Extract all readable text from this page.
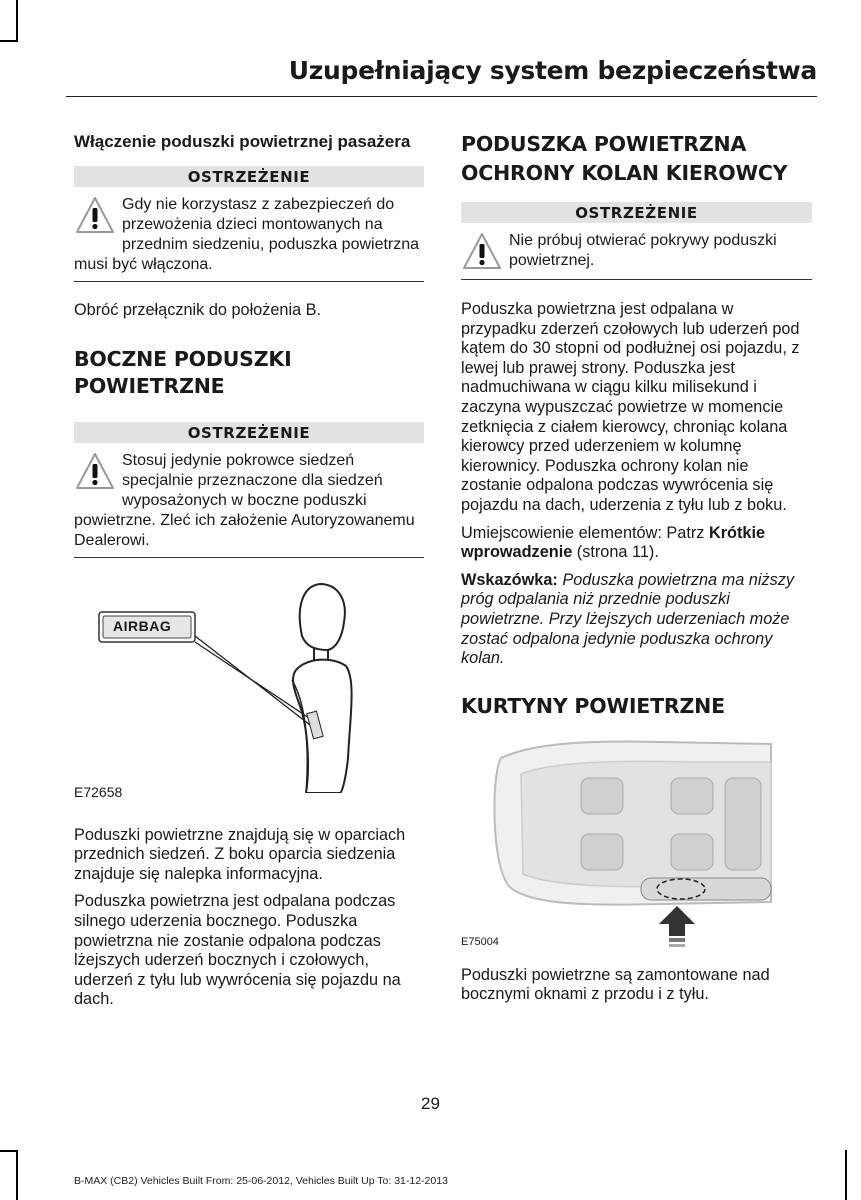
Uzupełniający system bezpieczeństwa
Włączenie poduszki powietrznej pasażera
OSTRZEŻENIE
Gdy nie korzystasz z zabezpieczeń do przewożenia dzieci montowanych na przednim siedzeniu, poduszka powietrzna musi być włączona.

Obróć przełącznik do położenia B.

BOCZNE PODUSZKI POWIETRZNE
OSTRZEŻENIE
Stosuj jedynie pokrowce siedzeń specjalnie przeznaczone dla siedzeń wyposażonych w boczne poduszki powietrzne. Zleć ich założenie Autoryzowanemu Dealerowi.
AIRBAG
E72658

Poduszki powietrzne znajdują się w oparciach przednich siedzeń. Z boku oparcia siedzenia znajduje się nalepka informacyjna.

Poduszka powietrzna jest odpalana podczas silnego uderzenia bocznego. Poduszka powietrzna nie zostanie odpalona podczas lżejszych uderzeń bocznych i czołowych, uderzeń z tyłu lub wywrócenia się pojazdu na dach.

PODUSZKA POWIETRZNA OCHRONY KOLAN KIEROWCY
OSTRZEŻENIE
Nie próbuj otwierać pokrywy poduszki powietrznej.

Poduszka powietrzna jest odpalana w przypadku zderzeń czołowych lub uderzeń pod kątem do 30 stopni od podłużnej osi pojazdu, z lewej lub prawej strony. Poduszka jest nadmuchiwana w ciągu kilku milisekund i zaczyna wypuszczać powietrze w momencie zetknięcia z ciałem kierowcy, chroniąc kolana kierowcy przed uderzeniem w kolumnę kierownicy. Poduszka ochrony kolan nie zostanie odpalona podczas wywrócenia się pojazdu na dach, uderzenia z tyłu lub z boku.

Umiejscowienie elementów: Patrz Krótkie wprowadzenie (strona 11).

Wskazówka: Poduszka powietrzna ma niższy próg odpalania niż przednie poduszki powietrzne. Przy lżejszych uderzeniach może zostać odpalona jedynie poduszka ochrony kolan.

KURTYNY POWIETRZNE
E75004

Poduszki powietrzne są zamontowane nad bocznymi oknami z przodu i z tyłu.

29
B-MAX (CB2) Vehicles Built From: 25-06-2012, Vehicles Built Up To: 31-12-2013
